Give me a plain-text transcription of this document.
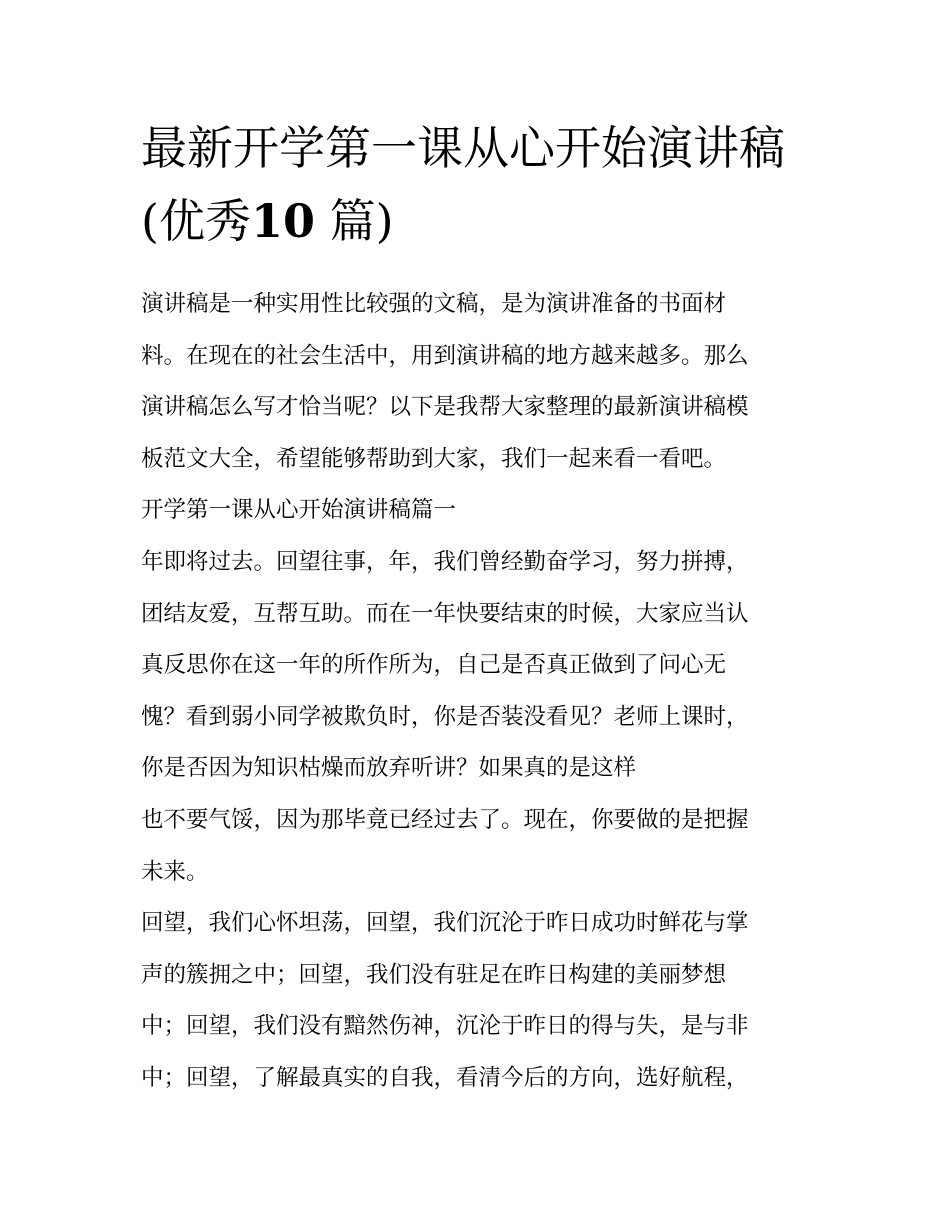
最新开学第一课从心开始演讲稿(优秀10 篇)
演讲稿是一种实用性比较强的文稿，是为演讲准备的书面材
料。在现在的社会生活中，用到演讲稿的地方越来越多。那么
演讲稿怎么写才恰当呢？以下是我帮大家整理的最新演讲稿模
板范文大全，希望能够帮助到大家，我们一起来看一看吧。
开学第一课从心开始演讲稿篇一
年即将过去。回望往事，年，我们曾经勤奋学习，努力拼搏，
团结友爱，互帮互助。而在一年快要结束的时候，大家应当认
真反思你在这一年的所作所为，自己是否真正做到了问心无
愧？看到弱小同学被欺负时，你是否装没看见？老师上课时，
你是否因为知识枯燥而放弃听讲？如果真的是这样
也不要气馁，因为那毕竟已经过去了。现在，你要做的是把握
未来。
回望，我们心怀坦荡，回望，我们沉沦于昨日成功时鲜花与掌
声的簇拥之中；回望，我们没有驻足在昨日构建的美丽梦想
中；回望，我们没有黯然伤神，沉沦于昨日的得与失，是与非
中；回望，了解最真实的自我，看清今后的方向，选好航程，
